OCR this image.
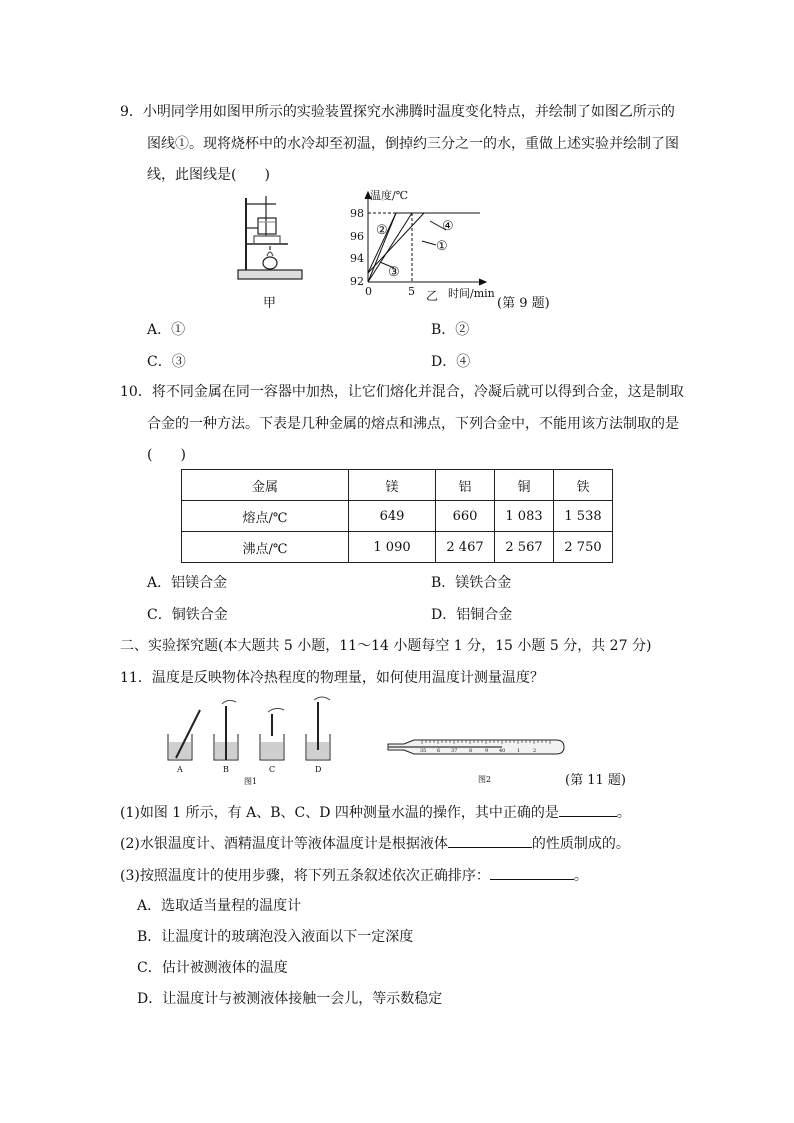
9．小明同学用如图甲所示的实验装置探究水沸腾时温度变化特点，并绘制了如图乙所示的
图线①。现将烧杯中的水冷却至初温，倒掉约三分之一的水，重做上述实验并绘制了图
线，此图线是(　　)
甲
温度/℃
时间/min
98
96
94
92
0	5 乙
①
②
③
④
(第 9 题)
A．①	B．②
C．③	D．④
10．将不同金属在同一容器中加热，让它们熔化并混合，冷凝后就可以得到合金，这是制取
合金的一种方法。下表是几种金属的熔点和沸点，下列合金中，不能用该方法制取的是
(　　)
金属	镁	铝	铜	铁
熔点/℃	649	660	1 083	1 538
沸点/℃	1 090	2 467	2 567	2 750
A．铝镁合金	B．镁铁合金
C．铜铁合金	D．铝铜合金
二、实验探究题(本大题共 5 小题，11～14 小题每空 1 分，15 小题 5 分，共 27 分)
11．温度是反映物体冷热程度的物理量，如何使用温度计测量温度？
A	B	C	D
图1
35 6 37 8	9 40 1	2
图2	(第 11 题)
(1)如图 1 所示，有 A、B、C、D 四种测量水温的操作，其中正确的是	。
(2)水银温度计、酒精温度计等液体温度计是根据液体	的性质制成的。
(3)按照温度计的使用步骤，将下列五条叙述依次正确排序：	。
A．选取适当量程的温度计
B．让温度计的玻璃泡没入液面以下一定深度
C．估计被测液体的温度
D．让温度计与被测液体接触一会儿，等示数稳定
